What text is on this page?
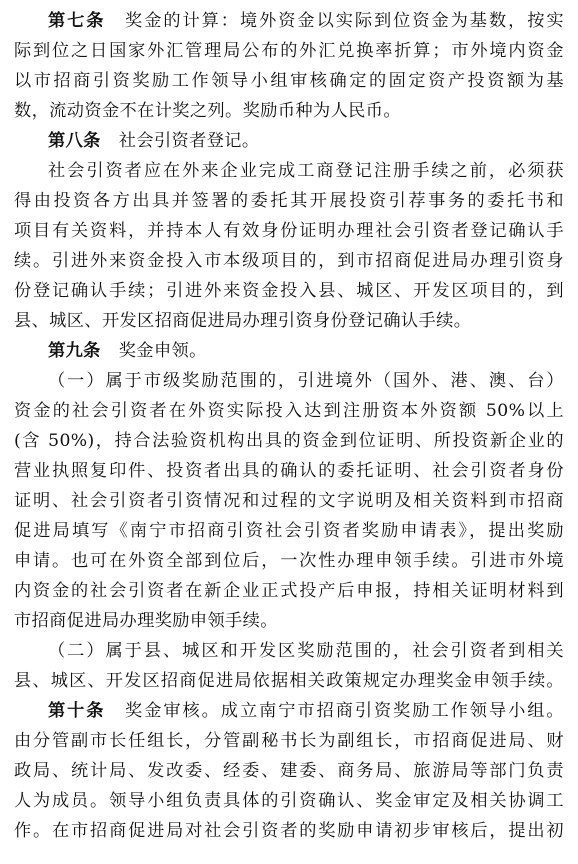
第七条 奖金的计算：境外资金以实际到位资金为基数，按实
际到位之日国家外汇管理局公布的外汇兑换率折算；市外境内资金
以市招商引资奖励工作领导小组审核确定的固定资产投资额为基
数，流动资金不在计奖之列。奖励币种为人民币。
第八条 社会引资者登记。
社会引资者应在外来企业完成工商登记注册手续之前，必须获
得由投资各方出具并签署的委托其开展投资引荐事务的委托书和
项目有关资料，并持本人有效身份证明办理社会引资者登记确认手
续。引进外来资金投入市本级项目的，到市招商促进局办理引资身
份登记确认手续；引进外来资金投入县、城区、开发区项目的，到
县、城区、开发区招商促进局办理引资身份登记确认手续。
第九条 奖金申领。
（一）属于市级奖励范围的，引进境外（国外、港、澳、台）
资金的社会引资者在外资实际投入达到注册资本外资额 50%以上
(含 50%)，持合法验资机构出具的资金到位证明、所投资新企业的
营业执照复印件、投资者出具的确认的委托证明、社会引资者身份
证明、社会引资者引资情况和过程的文字说明及相关资料到市招商
促进局填写《南宁市招商引资社会引资者奖励申请表》，提出奖励
申请。也可在外资全部到位后，一次性办理申领手续。引进市外境
内资金的社会引资者在新企业正式投产后申报，持相关证明材料到
市招商促进局办理奖励申领手续。
（二）属于县、城区和开发区奖励范围的，社会引资者到相关
县、城区、开发区招商促进局依据相关政策规定办理奖金申领手续。
第十条 奖金审核。成立南宁市招商引资奖励工作领导小组。
由分管副市长任组长，分管副秘书长为副组长，市招商促进局、财
政局、统计局、发改委、经委、建委、商务局、旅游局等部门负责
人为成员。领导小组负责具体的引资确认、奖金审定及相关协调工
作。在市招商促进局对社会引资者的奖励申请初步审核后，提出初
